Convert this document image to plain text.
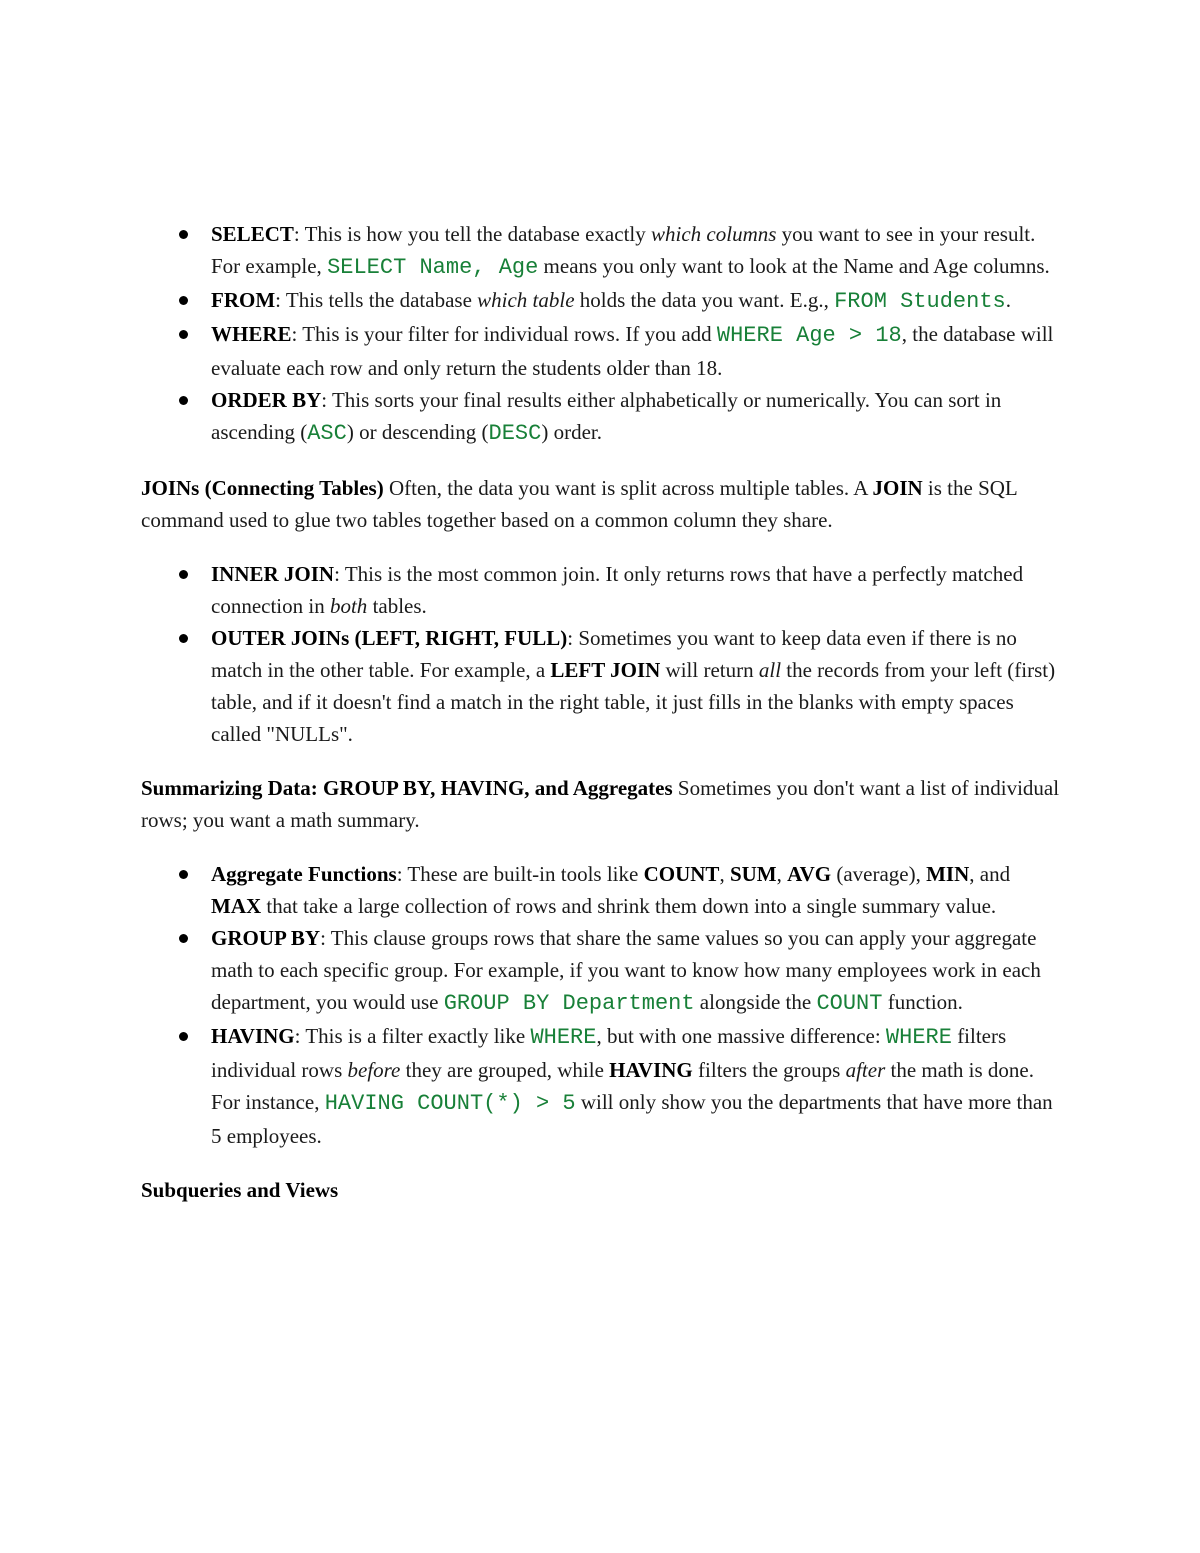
SELECT: This is how you tell the database exactly which columns you want to see in your result. For example, SELECT Name, Age means you only want to look at the Name and Age columns.
FROM: This tells the database which table holds the data you want. E.g., FROM Students.
WHERE: This is your filter for individual rows. If you add WHERE Age > 18, the database will evaluate each row and only return the students older than 18.
ORDER BY: This sorts your final results either alphabetically or numerically. You can sort in ascending (ASC) or descending (DESC) order.

JOINs (Connecting Tables) Often, the data you want is split across multiple tables. A JOIN is the SQL command used to glue two tables together based on a common column they share.

INNER JOIN: This is the most common join. It only returns rows that have a perfectly matched connection in both tables.
OUTER JOINs (LEFT, RIGHT, FULL): Sometimes you want to keep data even if there is no match in the other table. For example, a LEFT JOIN will return all the records from your left (first) table, and if it doesn't find a match in the right table, it just fills in the blanks with empty spaces called "NULLs".

Summarizing Data: GROUP BY, HAVING, and Aggregates Sometimes you don't want a list of individual rows; you want a math summary.

Aggregate Functions: These are built-in tools like COUNT, SUM, AVG (average), MIN, and MAX that take a large collection of rows and shrink them down into a single summary value.
GROUP BY: This clause groups rows that share the same values so you can apply your aggregate math to each specific group. For example, if you want to know how many employees work in each department, you would use GROUP BY Department alongside the COUNT function.
HAVING: This is a filter exactly like WHERE, but with one massive difference: WHERE filters individual rows before they are grouped, while HAVING filters the groups after the math is done. For instance, HAVING COUNT(*) > 5 will only show you the departments that have more than 5 employees.

Subqueries and Views
